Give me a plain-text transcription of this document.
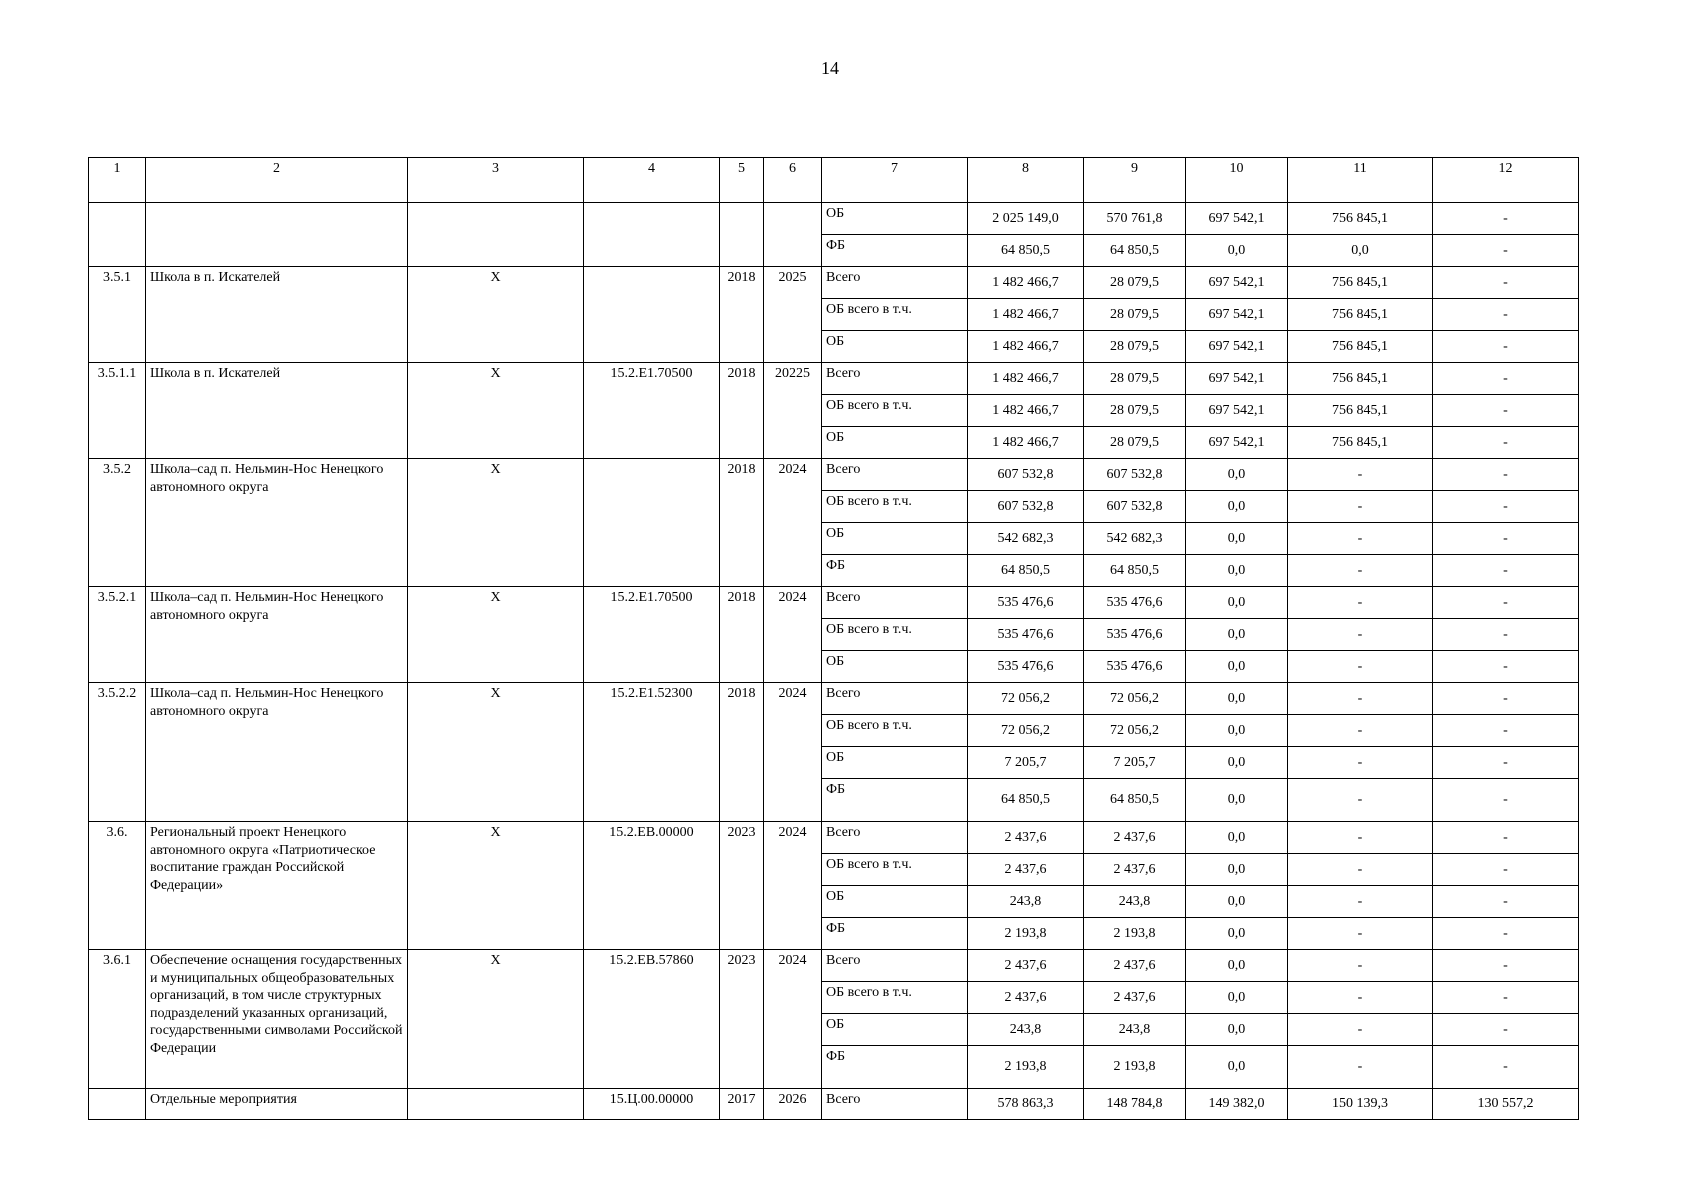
14
1	2	3	4	5	6	7	8	9	10	11	12
						ОБ	2 025 149,0	570 761,8	697 542,1	756 845,1	-
						ФБ	64 850,5	64 850,5	0,0	0,0	-
3.5.1	Школа в п. Искателей	X		2018	2025	Всего	1 482 466,7	28 079,5	697 542,1	756 845,1	-
						ОБ всего в т.ч.	1 482 466,7	28 079,5	697 542,1	756 845,1	-
						ОБ	1 482 466,7	28 079,5	697 542,1	756 845,1	-
3.5.1.1	Школа в п. Искателей	X	15.2.E1.70500	2018	20225	Всего	1 482 466,7	28 079,5	697 542,1	756 845,1	-
						ОБ всего в т.ч.	1 482 466,7	28 079,5	697 542,1	756 845,1	-
						ОБ	1 482 466,7	28 079,5	697 542,1	756 845,1	-
3.5.2	Школа–сад п. Нельмин-Нос Ненецкого автономного округа	X		2018	2024	Всего	607 532,8	607 532,8	0,0	-	-
						ОБ всего в т.ч.	607 532,8	607 532,8	0,0	-	-
						ОБ	542 682,3	542 682,3	0,0	-	-
						ФБ	64 850,5	64 850,5	0,0	-	-
3.5.2.1	Школа–сад п. Нельмин-Нос Ненецкого автономного округа	X	15.2.E1.70500	2018	2024	Всего	535 476,6	535 476,6	0,0	-	-
						ОБ всего в т.ч.	535 476,6	535 476,6	0,0	-	-
						ОБ	535 476,6	535 476,6	0,0	-	-
3.5.2.2	Школа–сад п. Нельмин-Нос Ненецкого автономного округа	X	15.2.E1.52300	2018	2024	Всего	72 056,2	72 056,2	0,0	-	-
						ОБ всего в т.ч.	72 056,2	72 056,2	0,0	-	-
						ОБ	7 205,7	7 205,7	0,0	-	-
						ФБ	64 850,5	64 850,5	0,0	-	-
3.6.	Региональный проект Ненецкого автономного округа «Патриотическое воспитание граждан Российской Федерации»	X	15.2.EB.00000	2023	2024	Всего	2 437,6	2 437,6	0,0	-	-
						ОБ всего в т.ч.	2 437,6	2 437,6	0,0	-	-
						ОБ	243,8	243,8	0,0	-	-
						ФБ	2 193,8	2 193,8	0,0	-	-
3.6.1	Обеспечение оснащения государственных и муниципальных общеобразовательных организаций, в том числе структурных подразделений указанных организаций, государственными символами Российской Федерации	X	15.2.EB.57860	2023	2024	Всего	2 437,6	2 437,6	0,0	-	-
						ОБ всего в т.ч.	2 437,6	2 437,6	0,0	-	-
						ОБ	243,8	243,8	0,0	-	-
						ФБ	2 193,8	2 193,8	0,0	-	-
	Отдельные мероприятия		15.Ц.00.00000	2017	2026	Всего	578 863,3	148 784,8	149 382,0	150 139,3	130 557,2
